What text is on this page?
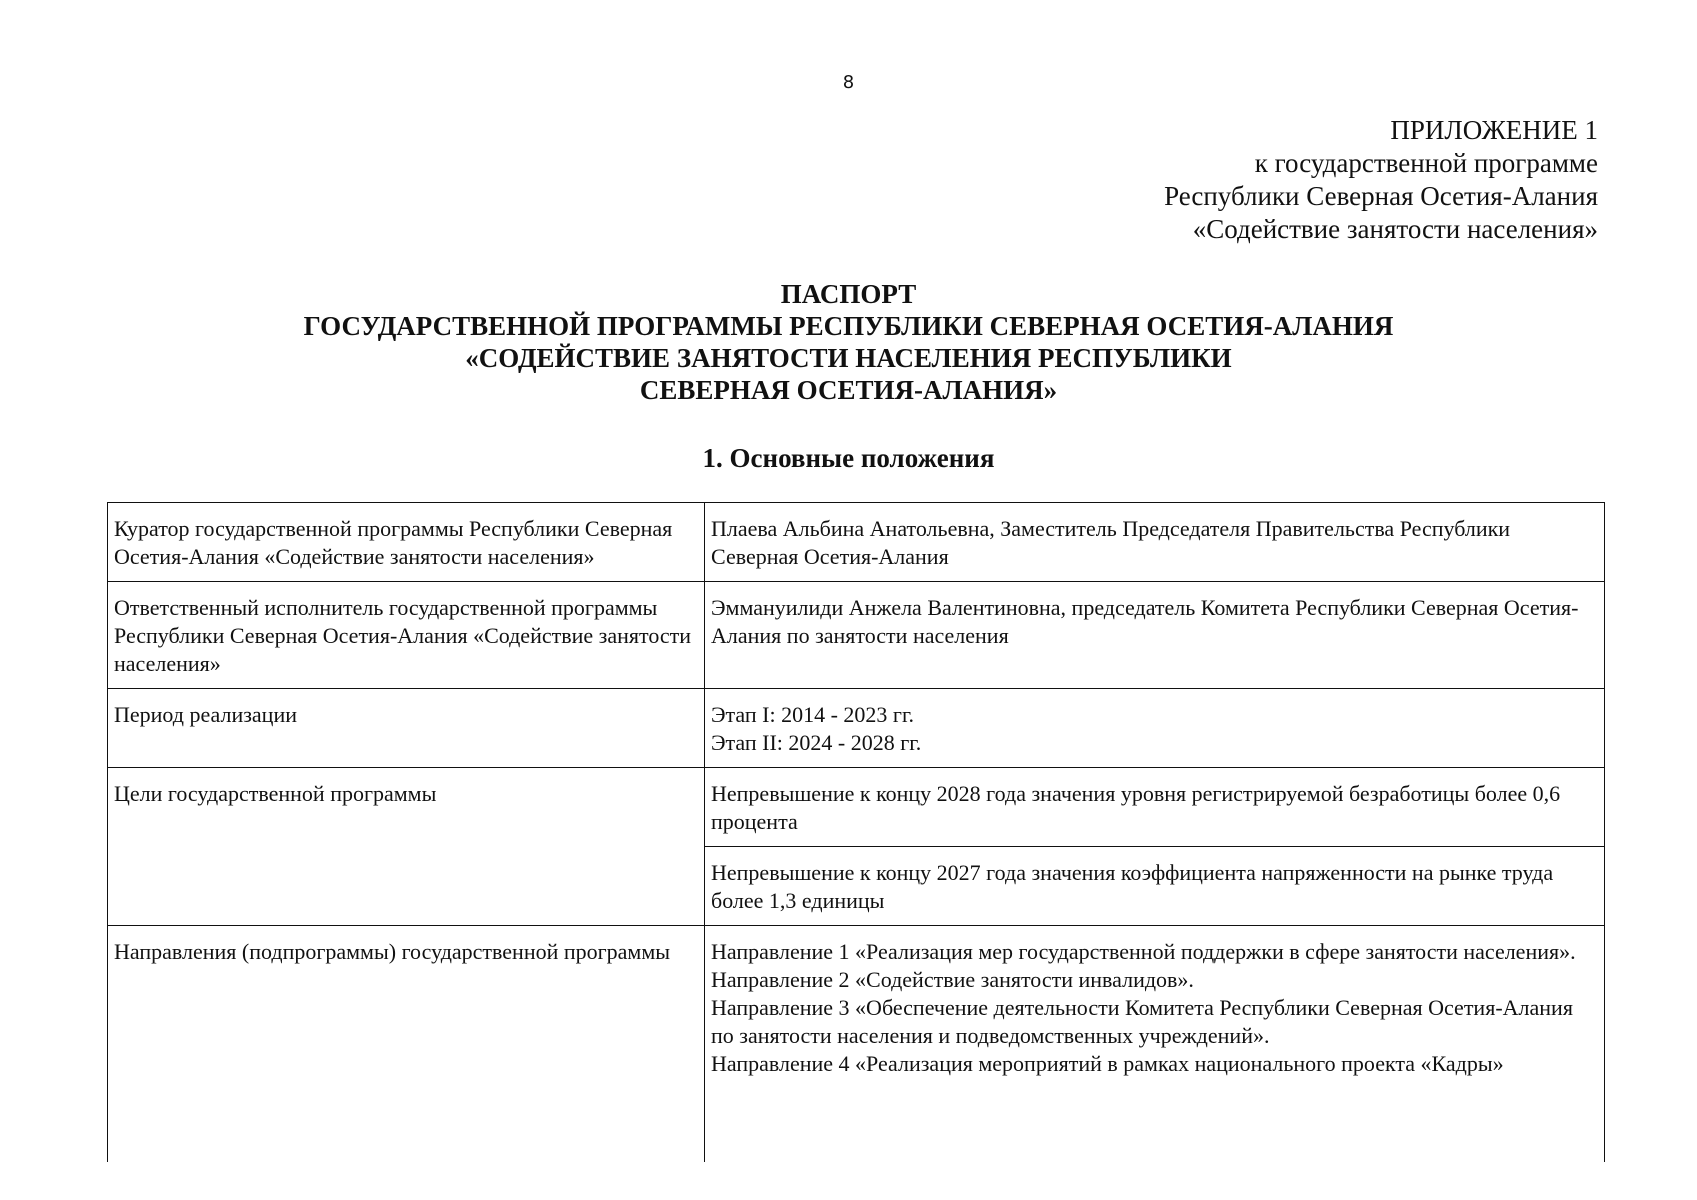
8
ПРИЛОЖЕНИЕ 1
к государственной программе
Республики Северная Осетия-Алания
«Содействие занятости населения»
ПАСПОРТ
ГОСУДАРСТВЕННОЙ ПРОГРАММЫ РЕСПУБЛИКИ СЕВЕРНАЯ ОСЕТИЯ-АЛАНИЯ
«СОДЕЙСТВИЕ ЗАНЯТОСТИ НАСЕЛЕНИЯ РЕСПУБЛИКИ
СЕВЕРНАЯ ОСЕТИЯ-АЛАНИЯ»
1. Основные положения
Куратор государственной программы Республики Северная Осетия-Алания «Содействие занятости населения»	Плаева Альбина Анатольевна, Заместитель Председателя Правительства Республики Северная Осетия-Алания
Ответственный исполнитель государственной программы Республики Северная Осетия-Алания «Содействие занятости населения»	Эммануилиди Анжела Валентиновна, председатель Комитета Республики Северная Осетия-Алания по занятости населения
Период реализации	Этап I: 2014 - 2023 гг.
Этап II: 2024 - 2028 гг.

Цели государственной программы	Непревышение к концу 2028 года значения уровня регистрируемой безработицы более 0,6 процента
	Непревышение к концу 2027 года значения коэффициента напряженности на рынке труда более 1,3 единицы
Направления (подпрограммы) государственной программы	Направление 1 «Реализация мер государственной поддержки в сфере занятости населения».
Направление 2 «Содействие занятости инвалидов».
Направление 3 «Обеспечение деятельности Комитета Республики Северная Осетия-Алания по занятости населения и подведомственных учреждений».
Направление 4 «Реализация мероприятий в рамках национального проекта «Кадры»
